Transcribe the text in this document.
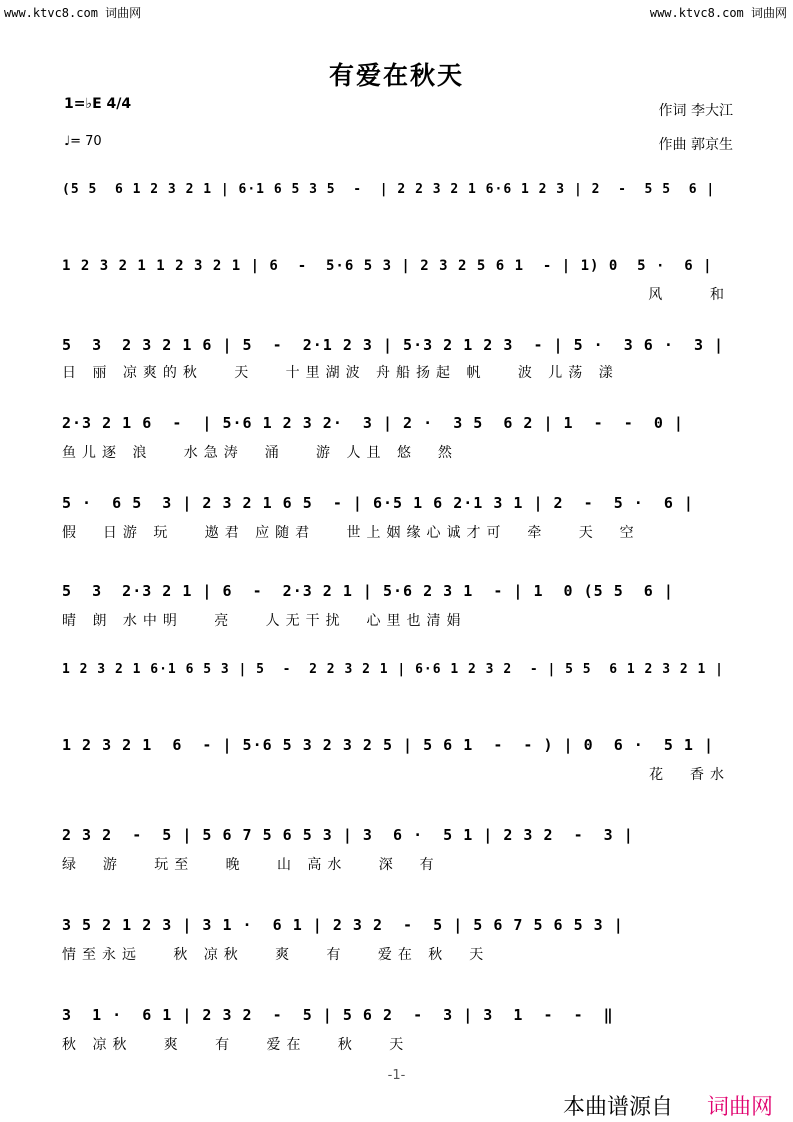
www.ktvc8.com 词曲网	www.ktvc8.com 词曲网
有爱在秋天
1=♭E 4/4
♩= 70
作词 李大江
作曲 郭京生
(5 5  6 1 2 3 2 1 | 6·1 6 5 3 5  -  | 2 2 3 2 1 6·6 1 2 3 | 2  -  5 5  6 |
1 2 3 2 1 1 2 3 2 1 | 6  -  5·6 5 3 | 2 3 2 5 6 1  - | 1) 0  5 ·  6 |
风    和
5  3  2 3 2 1 6 | 5  -  2·1 2 3 | 5·3 2 1 2 3  - | 5 ·  3 6 ·  3 |
日 丽 凉爽的秋   天   十里湖波 舟船扬起 帆   波 儿荡 漾
2·3 2 1 6  -  | 5·6 1 2 3 2·  3 | 2 ·  3 5  6 2 | 1  -  -  0 |
鱼儿逐 浪   水急涛  涌   游 人且 悠  然
5 ·  6 5  3 | 2 3 2 1 6 5  - | 6·5 1 6 2·1 3 1 | 2  -  5 ·  6 |
假  日游 玩   遨君 应随君   世上姻缘心诚才可  牵   天  空
5  3  2·3 2 1 | 6  -  2·3 2 1 | 5·6 2 3 1  - | 1  0 (5 5  6 |
晴 朗 水中明   亮   人无干扰  心里也清娟
1 2 3 2 1 6·1 6 5 3 | 5  -  2 2 3 2 1 | 6·6 1 2 3 2  - | 5 5  6 1 2 3 2 1 |
1 2 3 2 1  6  - | 5·6 5 3 2 3 2 5 | 5 6 1  -  - ) | 0  6 ·  5 1 |
花  香水
2 3 2  -  5 | 5 6 7 5 6 5 3 | 3  6 ·  5 1 | 2 3 2  -  3 |
绿  游   玩至   晚   山 高水   深  有
3 5 2 1 2 3 | 3 1 ·  6 1 | 2 3 2  -  5 | 5 6 7 5 6 5 3 |
情至永远   秋 凉秋   爽   有   爱在 秋  天
3  1 ·  6 1 | 2 3 2  -  5 | 5 6 2  -  3 | 3  1  -  -  ‖
秋 凉秋   爽   有   爱在   秋   天
-1-
本曲谱源自 词曲网
